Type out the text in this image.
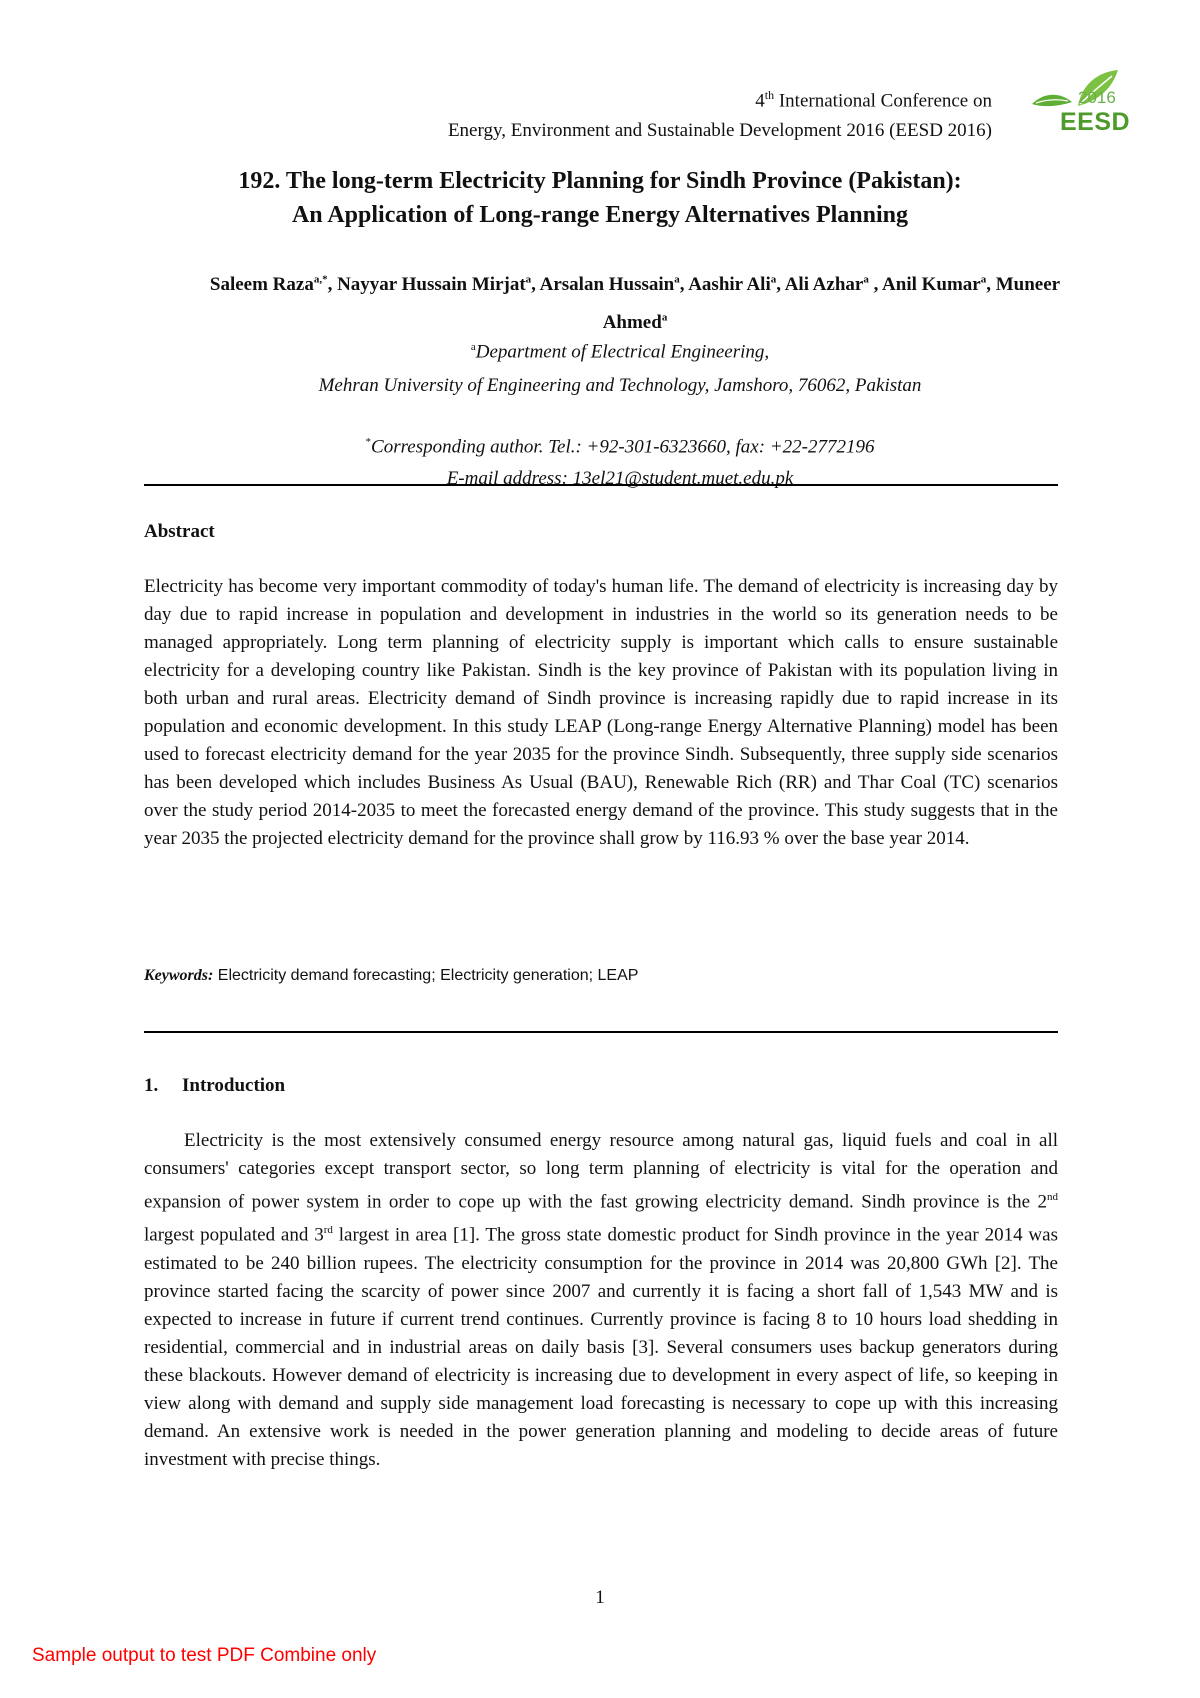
4th International Conference on
Energy, Environment and Sustainable Development 2016 (EESD 2016)
2016
EESD
192. The long-term Electricity Planning for Sindh Province (Pakistan):
An Application of Long-range Energy Alternatives Planning
Saleem Raza$^{a,*}$, Nayyar Hussain Mirjat$^a$, Arsalan Hussain$^a$, Aashir Ali$^a$, Ali Azhar$^a$ , Anil Kumar$^a$, Muneer Ahmed$^a$
$^a$Department of Electrical Engineering,
Mehran University of Engineering and Technology, Jamshoro, 76062, Pakistan
*Corresponding author. Tel.: +92-301-6323660, fax: +22-2772196
E-mail address: 13el21@student.muet.edu.pk
Abstract
Electricity has become very important commodity of today's human life. The demand of electricity is increasing day by day due to rapid increase in population and development in industries in the world so its generation needs to be managed appropriately. Long term planning of electricity supply is important which calls to ensure sustainable electricity for a developing country like Pakistan. Sindh is the key province of Pakistan with its population living in both urban and rural areas. Electricity demand of Sindh province is increasing rapidly due to rapid increase in its population and economic development. In this study LEAP (Long-range Energy Alternative Planning) model has been used to forecast electricity demand for the year 2035 for the province Sindh. Subsequently, three supply side scenarios has been developed which includes Business As Usual (BAU), Renewable Rich (RR) and Thar Coal (TC) scenarios over the study period 2014-2035 to meet the forecasted energy demand of the province. This study suggests that in the year 2035 the projected electricity demand for the province shall grow by 116.93 % over the base year 2014.
Keywords: Electricity demand forecasting; Electricity generation; LEAP
1. Introduction
Electricity is the most extensively consumed energy resource among natural gas, liquid fuels and coal in all consumers' categories except transport sector, so long term planning of electricity is vital for the operation and expansion of power system in order to cope up with the fast growing electricity demand. Sindh province is the 2nd largest populated and 3rd largest in area [1]. The gross state domestic product for Sindh province in the year 2014 was estimated to be 240 billion rupees. The electricity consumption for the province in 2014 was 20,800 GWh [2]. The province started facing the scarcity of power since 2007 and currently it is facing a short fall of 1,543 MW and is expected to increase in future if current trend continues. Currently province is facing 8 to 10 hours load shedding in residential, commercial and in industrial areas on daily basis [3]. Several consumers uses backup generators during these blackouts. However demand of electricity is increasing due to development in every aspect of life, so keeping in view along with demand and supply side management load forecasting is necessary to cope up with this increasing demand. An extensive work is needed in the power generation planning and modeling to decide areas of future investment with precise things.
1
Sample output to test PDF Combine only
